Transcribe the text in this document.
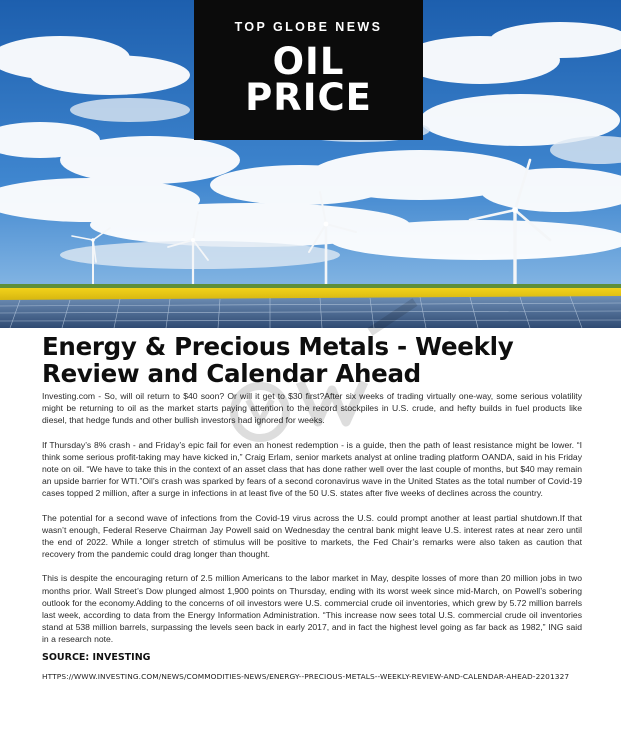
TOP GLOBE NEWS
OIL
PRICE
Energy & Precious Metals - Weekly
Review and Calendar Ahead

Investing.com - So, will oil return to $40 soon? Or will it get to $30 first?After six weeks of trading virtually one-way, some serious volatility might be returning to oil as the market starts paying attention to the record stockpiles in U.S. crude, and hefty builds in fuel products like diesel, that hedge funds and other bullish investors had ignored for weeks.

If Thursday’s 8% crash - and Friday’s epic fail for even an honest redemption - is a guide, then the path of least resistance might be lower. “I think some serious profit-taking may have kicked in,” Craig Erlam, senior markets analyst at online trading platform OANDA, said in his Friday note on oil. “We have to take this in the context of an asset class that has done rather well over the last couple of months, but $40 may remain an upside barrier for WTI.”Oil’s crash was sparked by fears of a second coronavirus wave in the United States as the total number of Covid-19 cases topped 2 million, after a surge in infections in at least five of the 50 U.S. states after five weeks of declines across the country.

The potential for a second wave of infections from the Covid-19 virus across the U.S. could prompt another at least partial shutdown.If that wasn’t enough, Federal Reserve Chairman Jay Powell said on Wednesday the central bank might leave U.S. interest rates at near zero until the end of 2022. While a longer stretch of stimulus will be positive to markets, the Fed Chair’s remarks were also taken as caution that recovery from the pandemic could drag longer than thought.

This is despite the encouraging return of 2.5 million Americans to the labor market in May, despite losses of more than 20 million jobs in two months prior. Wall Street’s Dow plunged almost 1,900 points on Thursday, ending with its worst week since mid-March, on Powell’s sobering outlook for the economy.Adding to the concerns of oil investors were U.S. commercial crude oil inventories, which grew by 5.72 million barrels last week, according to data from the Energy Information Administration. “This increase now sees total U.S. commercial crude oil inventories stand at 538 million barrels, surpassing the levels seen back in early 2017, and in fact the highest level going as far back as 1982,” ING said in a research note.

SOURCE: INVESTING
HTTPS://WWW.INVESTING.COM/NEWS/COMMODITIES-NEWS/ENERGY--PRECIOUS-METALS--WEEKLY-REVIEW-AND-CALENDAR-AHEAD-2201327
